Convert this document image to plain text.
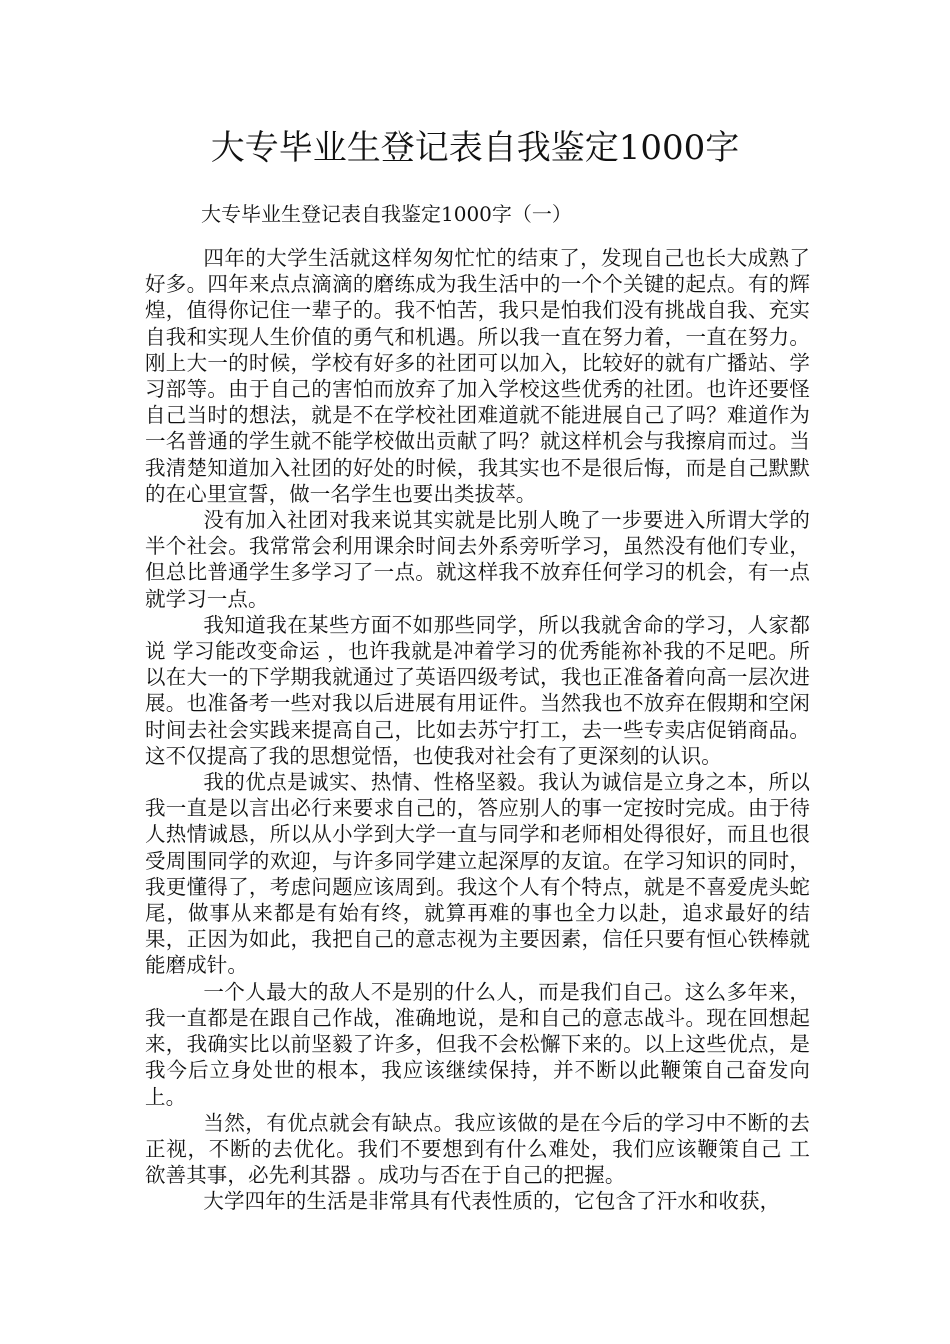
大专毕业生登记表自我鉴定1000字
大专毕业生登记表自我鉴定1000字（一）

四年的大学生活就这样匆匆忙忙的结束了，发现自己也长大成熟了好多。四年来点点滴滴的磨练成为我生活中的一个个关键的起点。有的辉煌，值得你记住一辈子的。我不怕苦，我只是怕我们没有挑战自我、充实自我和实现人生价值的勇气和机遇。所以我一直在努力着，一直在努力。刚上大一的时候，学校有好多的社团可以加入，比较好的就有广播站、学习部等。由于自己的害怕而放弃了加入学校这些优秀的社团。也许还要怪自己当时的想法，就是不在学校社团难道就不能进展自己了吗？难道作为一名普通的学生就不能学校做出贡献了吗？就这样机会与我擦肩而过。当我清楚知道加入社团的好处的时候，我其实也不是很后悔，而是自己默默的在心里宣誓，做一名学生也要出类拔萃。

没有加入社团对我来说其实就是比别人晚了一步要进入所谓大学的半个社会。我常常会利用课余时间去外系旁听学习，虽然没有他们专业，但总比普通学生多学习了一点。就这样我不放弃任何学习的机会，有一点就学习一点。

我知道我在某些方面不如那些同学，所以我就舍命的学习，人家都说 学习能改变命运 ，也许我就是冲着学习的优秀能祢补我的不足吧。所以在大一的下学期我就通过了英语四级考试，我也正准备着向高一层次进展。也准备考一些对我以后进展有用证件。当然我也不放弃在假期和空闲时间去社会实践来提高自己，比如去苏宁打工，去一些专卖店促销商品。这不仅提高了我的思想觉悟，也使我对社会有了更深刻的认识。

我的优点是诚实、热情、性格坚毅。我认为诚信是立身之本，所以我一直是以言出必行来要求自己的，答应别人的事一定按时完成。由于待人热情诚恳，所以从小学到大学一直与同学和老师相处得很好，而且也很受周围同学的欢迎，与许多同学建立起深厚的友谊。在学习知识的同时，我更懂得了，考虑问题应该周到。我这个人有个特点，就是不喜爱虎头蛇尾，做事从来都是有始有终，就算再难的事也全力以赴，追求最好的结果，正因为如此，我把自己的意志视为主要因素，信任只要有恒心铁棒就能磨成针。

一个人最大的敌人不是别的什么人，而是我们自己。这么多年来，我一直都是在跟自己作战，准确地说，是和自己的意志战斗。现在回想起来，我确实比以前坚毅了许多，但我不会松懈下来的。以上这些优点，是我今后立身处世的根本，我应该继续保持，并不断以此鞭策自己奋发向上。

当然，有优点就会有缺点。我应该做的是在今后的学习中不断的去正视，不断的去优化。我们不要想到有什么难处，我们应该鞭策自己 工欲善其事，必先利其器 。成功与否在于自己的把握。

大学四年的生活是非常具有代表性质的，它包含了汗水和收获，
